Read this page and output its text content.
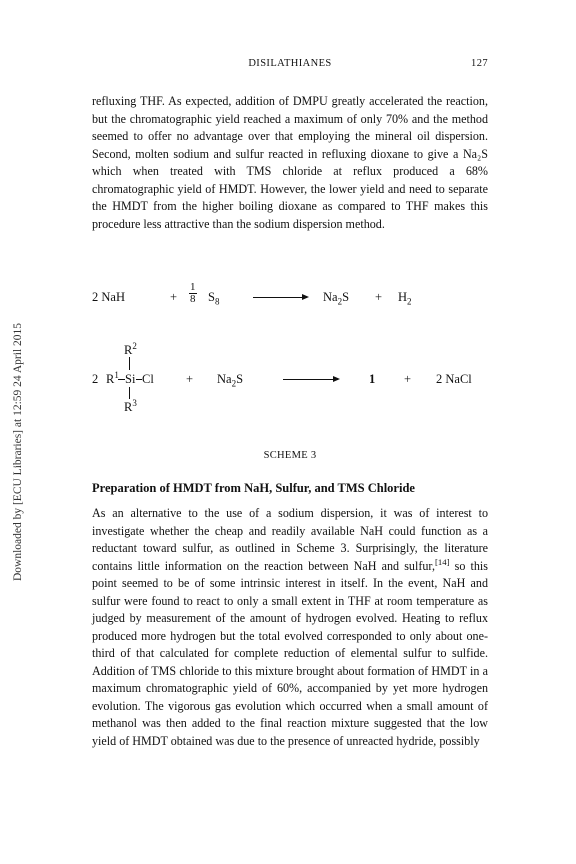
DISILATHIANES	127
Downloaded by [ECU Libraries] at 12:59 24 April 2015

refluxing THF. As expected, addition of DMPU greatly accelerated the reaction, but the chromatographic yield reached a maximum of only 70% and the method seemed to offer no advantage over that employing the mineral oil dispersion. Second, molten sodium and sulfur reacted in refluxing dioxane to give a Na₂S which when treated with TMS chloride at reflux produced a 68% chromatographic yield of HMDT. However, the lower yield and need to separate the HMDT from the higher boiling dioxane as compared to THF makes this procedure less attractive than the sodium dispersion method.

2 NaH	+ $\frac{1}{8} S_8$	$Na_2S + H_2$
$R^2$
2 $R^1$ Si Cl
$R^3$
+ $Na_2S$	1 + 2 NaCl
SCHEME 3
Preparation of HMDT from NaH, Sulfur, and TMS Chloride

As an alternative to the use of a sodium dispersion, it was of interest to investigate whether the cheap and readily available NaH could function as a reductant toward sulfur, as outlined in Scheme 3. Surprisingly, the literature contains little information on the reaction between NaH and sulfur,[14] so this point seemed to be of some intrinsic interest in itself. In the event, NaH and sulfur were found to react to only a small extent in THF at room temperature as judged by measurement of the amount of hydrogen evolved. Heating to reflux produced more hydrogen but the total evolved corresponded to only about one-third of that calculated for complete reduction of elemental sulfur to sulfide. Addition of TMS chloride to this mixture brought about formation of HMDT in a maximum chromatographic yield of 60%, accompanied by yet more hydrogen evolution. The vigorous gas evolution which occurred when a small amount of methanol was then added to the final reaction mixture suggested that the low yield of HMDT obtained was due to the presence of unreacted hydride, possibly
